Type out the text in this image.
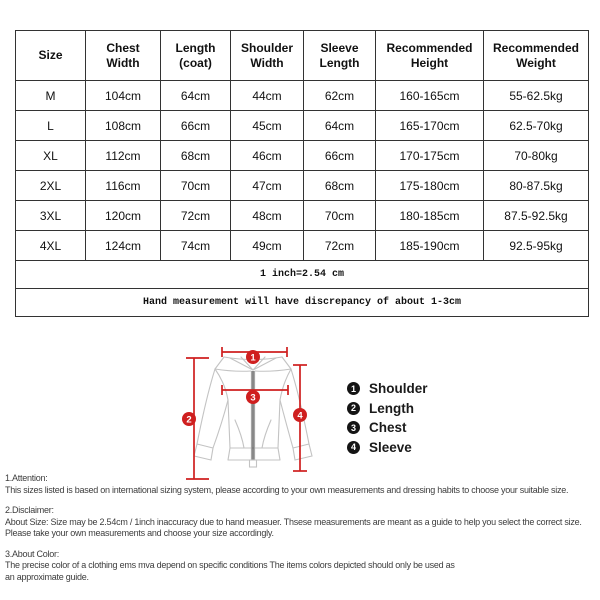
Size	Chest Width	Length (coat)	Shoulder Width	Sleeve Length	Recommended Height	Recommended Weight
M	104cm	64cm	44cm	62cm	160-165cm	55-62.5kg
L	108cm	66cm	45cm	64cm	165-170cm	62.5-70kg
XL	112cm	68cm	46cm	66cm	170-175cm	70-80kg
2XL	116cm	70cm	47cm	68cm	175-180cm	80-87.5kg
3XL	120cm	72cm	48cm	70cm	180-185cm	87.5-92.5kg
4XL	124cm	74cm	49cm	72cm	185-190cm	92.5-95kg
1 inch=2.54 cm						
Hand measurement will have discrepancy of about 1-3cm						
1
2
3
4
1 Shoulder
2 Length
3 Chest
4 Sleeve
1.Attention:
This sizes listed is based on international sizing system, please according to your own measurements and dressing habits to choose your suitable size.
2.Disclaimer:
About Size: Size may be 2.54cm / 1inch inaccuracy due to hand measuer. Thsese measurements are meant as a guide to help you select the correct size.
Please take your own measurements and choose your size accordingly.
3.About Color:
The precise color of a clothing ems mva depend on specific conditions The items colors depicted should only be used as
an approximate guide.
